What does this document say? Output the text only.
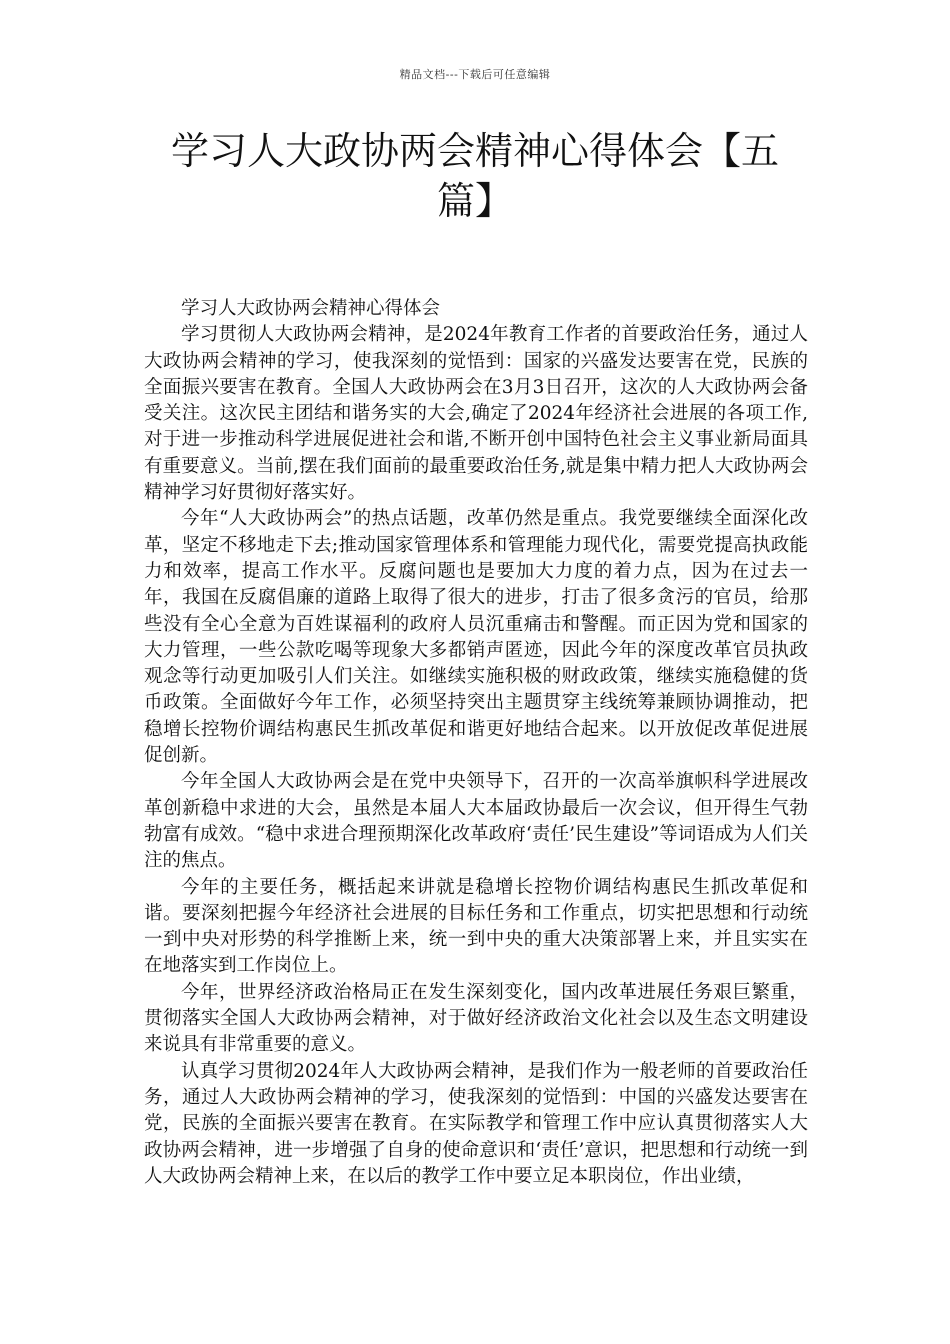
精品文档---下载后可任意编辑
学习人大政协两会精神心得体会【五篇】

学习人大政协两会精神心得体会

学习贯彻人大政协两会精神，是2024年教育工作者的首要政治任务，通过人大政协两会精神的学习，使我深刻的觉悟到：国家的兴盛发达要害在党，民族的全面振兴要害在教育。全国人大政协两会在3月3日召开，这次的人大政协两会备受关注。这次民主团结和谐务实的大会,确定了2024年经济社会进展的各项工作,对于进一步推动科学进展促进社会和谐,不断开创中国特色社会主义事业新局面具有重要意义。当前,摆在我们面前的最重要政治任务,就是集中精力把人大政协两会精神学习好贯彻好落实好。

今年“人大政协两会”的热点话题，改革仍然是重点。我党要继续全面深化改革，坚定不移地走下去;推动国家管理体系和管理能力现代化，需要党提高执政能力和效率，提高工作水平。反腐问题也是要加大力度的着力点，因为在过去一年，我国在反腐倡廉的道路上取得了很大的进步，打击了很多贪污的官员，给那些没有全心全意为百姓谋福利的政府人员沉重痛击和警醒。而正因为党和国家的大力管理，一些公款吃喝等现象大多都销声匿迹，因此今年的深度改革官员执政观念等行动更加吸引人们关注。如继续实施积极的财政政策，继续实施稳健的货币政策。全面做好今年工作，必须坚持突出主题贯穿主线统筹兼顾协调推动，把稳增长控物价调结构惠民生抓改革促和谐更好地结合起来。以开放促改革促进展促创新。

今年全国人大政协两会是在党中央领导下，召开的一次高举旗帜科学进展改革创新稳中求进的大会，虽然是本届人大本届政协最后一次会议，但开得生气勃勃富有成效。“稳中求进合理预期深化改革政府‘责任’民生建设”等词语成为人们关注的焦点。

今年的主要任务，概括起来讲就是稳增长控物价调结构惠民生抓改革促和谐。要深刻把握今年经济社会进展的目标任务和工作重点，切实把思想和行动统一到中央对形势的科学推断上来，统一到中央的重大决策部署上来，并且实实在在地落实到工作岗位上。

今年，世界经济政治格局正在发生深刻变化，国内改革进展任务艰巨繁重，贯彻落实全国人大政协两会精神，对于做好经济政治文化社会以及生态文明建设来说具有非常重要的意义。

认真学习贯彻2024年人大政协两会精神，是我们作为一般老师的首要政治任务，通过人大政协两会精神的学习，使我深刻的觉悟到：中国的兴盛发达要害在党，民族的全面振兴要害在教育。在实际教学和管理工作中应认真贯彻落实人大政协两会精神，进一步增强了自身的使命意识和‘责任’意识，把思想和行动统一到人大政协两会精神上来，在以后的教学工作中要立足本职岗位，作出业绩，
